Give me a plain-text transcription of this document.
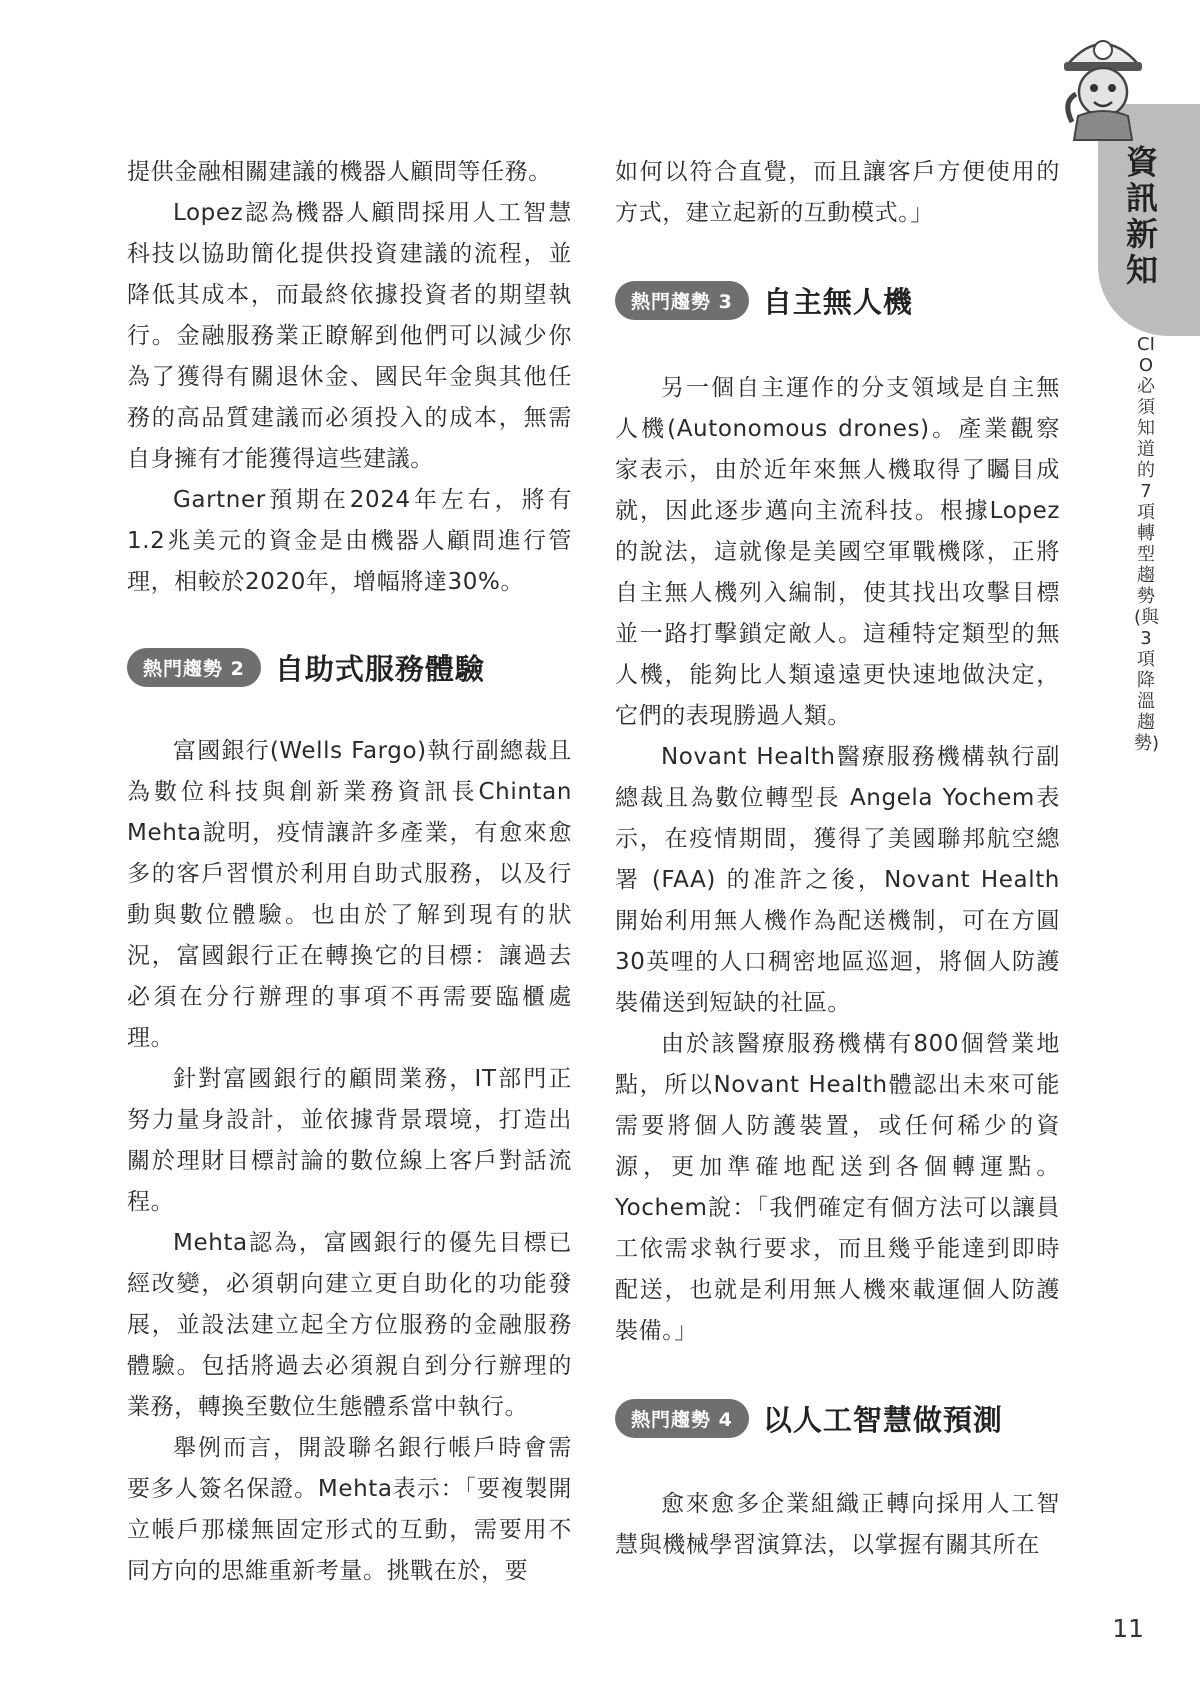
資訊新知
CIO必須知道的7項轉型趨勢(與3項降溫趨勢)

提供金融相關建議的機器人顧問等任務。

Lopez認為機器人顧問採用人工智慧科技以協助簡化提供投資建議的流程，並降低其成本，而最終依據投資者的期望執行。金融服務業正瞭解到他們可以減少你為了獲得有關退休金、國民年金與其他任務的高品質建議而必須投入的成本，無需自身擁有才能獲得這些建議。

Gartner預期在2024年左右，將有1.2兆美元的資金是由機器人顧問進行管理，相較於2020年，增幅將達30%。

熱門趨勢 2	自助式服務體驗

富國銀行(Wells Fargo)執行副總裁且為數位科技與創新業務資訊長Chintan Mehta說明，疫情讓許多產業，有愈來愈多的客戶習慣於利用自助式服務，以及行動與數位體驗。也由於了解到現有的狀況，富國銀行正在轉換它的目標：讓過去必須在分行辦理的事項不再需要臨櫃處理。

針對富國銀行的顧問業務，IT部門正努力量身設計，並依據背景環境，打造出關於理財目標討論的數位線上客戶對話流程。

Mehta認為，富國銀行的優先目標已經改變，必須朝向建立更自助化的功能發展，並設法建立起全方位服務的金融服務體驗。包括將過去必須親自到分行辦理的業務，轉換至數位生態體系當中執行。

舉例而言，開設聯名銀行帳戶時會需要多人簽名保證。Mehta表示：「要複製開立帳戶那樣無固定形式的互動，需要用不同方向的思維重新考量。挑戰在於，要

如何以符合直覺，而且讓客戶方便使用的方式，建立起新的互動模式。」

熱門趨勢 3	自主無人機

另一個自主運作的分支領域是自主無人機(Autonomous drones)。產業觀察家表示，由於近年來無人機取得了矚目成就，因此逐步邁向主流科技。根據Lopez的說法，這就像是美國空軍戰機隊，正將自主無人機列入編制，使其找出攻擊目標並一路打擊鎖定敵人。這種特定類型的無人機，能夠比人類遠遠更快速地做決定，它們的表現勝過人類。

Novant Health醫療服務機構執行副總裁且為數位轉型長 Angela Yochem表示，在疫情期間，獲得了美國聯邦航空總署 (FAA) 的准許之後，Novant Health 開始利用無人機作為配送機制，可在方圓30英哩的人口稠密地區巡迴，將個人防護裝備送到短缺的社區。

由於該醫療服務機構有800個營業地點，所以Novant Health體認出未來可能需要將個人防護裝置，或任何稀少的資源，更加準確地配送到各個轉運點。Yochem說：「我們確定有個方法可以讓員工依需求執行要求，而且幾乎能達到即時配送，也就是利用無人機來載運個人防護裝備。」

熱門趨勢 4	以人工智慧做預測

愈來愈多企業組織正轉向採用人工智慧與機械學習演算法，以掌握有關其所在

11
